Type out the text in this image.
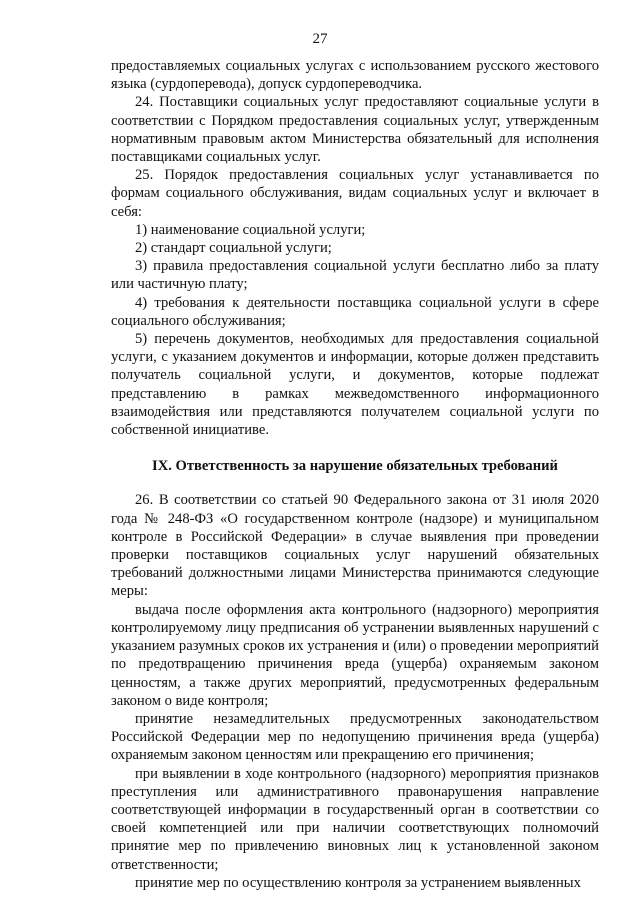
27

предоставляемых социальных услугах с использованием русского жестового языка (сурдоперевода), допуск сурдопереводчика.

24. Поставщики социальных услуг предоставляют социальные услуги в соответствии с Порядком предоставления социальных услуг, утвержденным нормативным правовым актом Министерства обязательный для исполнения поставщиками социальных услуг.

25. Порядок предоставления социальных услуг устанавливается по формам социального обслуживания, видам социальных услуг и включает в себя:

1) наименование социальной услуги;

2) стандарт социальной услуги;

3) правила предоставления социальной услуги бесплатно либо за плату или частичную плату;

4) требования к деятельности поставщика социальной услуги в сфере социального обслуживания;

5) перечень документов, необходимых для предоставления социальной услуги, с указанием документов и информации, которые должен представить получатель социальной услуги, и документов, которые подлежат представлению в рамках межведомственного информационного взаимодействия или представляются получателем социальной услуги по собственной инициативе.

IX. Ответственность за нарушение обязательных требований

26. В соответствии со статьей 90 Федерального закона от 31 июля 2020 года № 248-ФЗ «О государственном контроле (надзоре) и муниципальном контроле в Российской Федерации» в случае выявления при проведении проверки поставщиков социальных услуг нарушений обязательных требований должностными лицами Министерства принимаются следующие меры:

выдача после оформления акта контрольного (надзорного) мероприятия контролируемому лицу предписания об устранении выявленных нарушений с указанием разумных сроков их устранения и (или) о проведении мероприятий по предотвращению причинения вреда (ущерба) охраняемым законом ценностям, а также других мероприятий, предусмотренных федеральным законом о виде контроля;

принятие незамедлительных предусмотренных законодательством Российской Федерации мер по недопущению причинения вреда (ущерба) охраняемым законом ценностям или прекращению его причинения;

при выявлении в ходе контрольного (надзорного) мероприятия признаков преступления или административного правонарушения направление соответствующей информации в государственный орган в соответствии со своей компетенцией или при наличии соответствующих полномочий принятие мер по привлечению виновных лиц к установленной законом ответственности;

принятие мер по осуществлению контроля за устранением выявленных
